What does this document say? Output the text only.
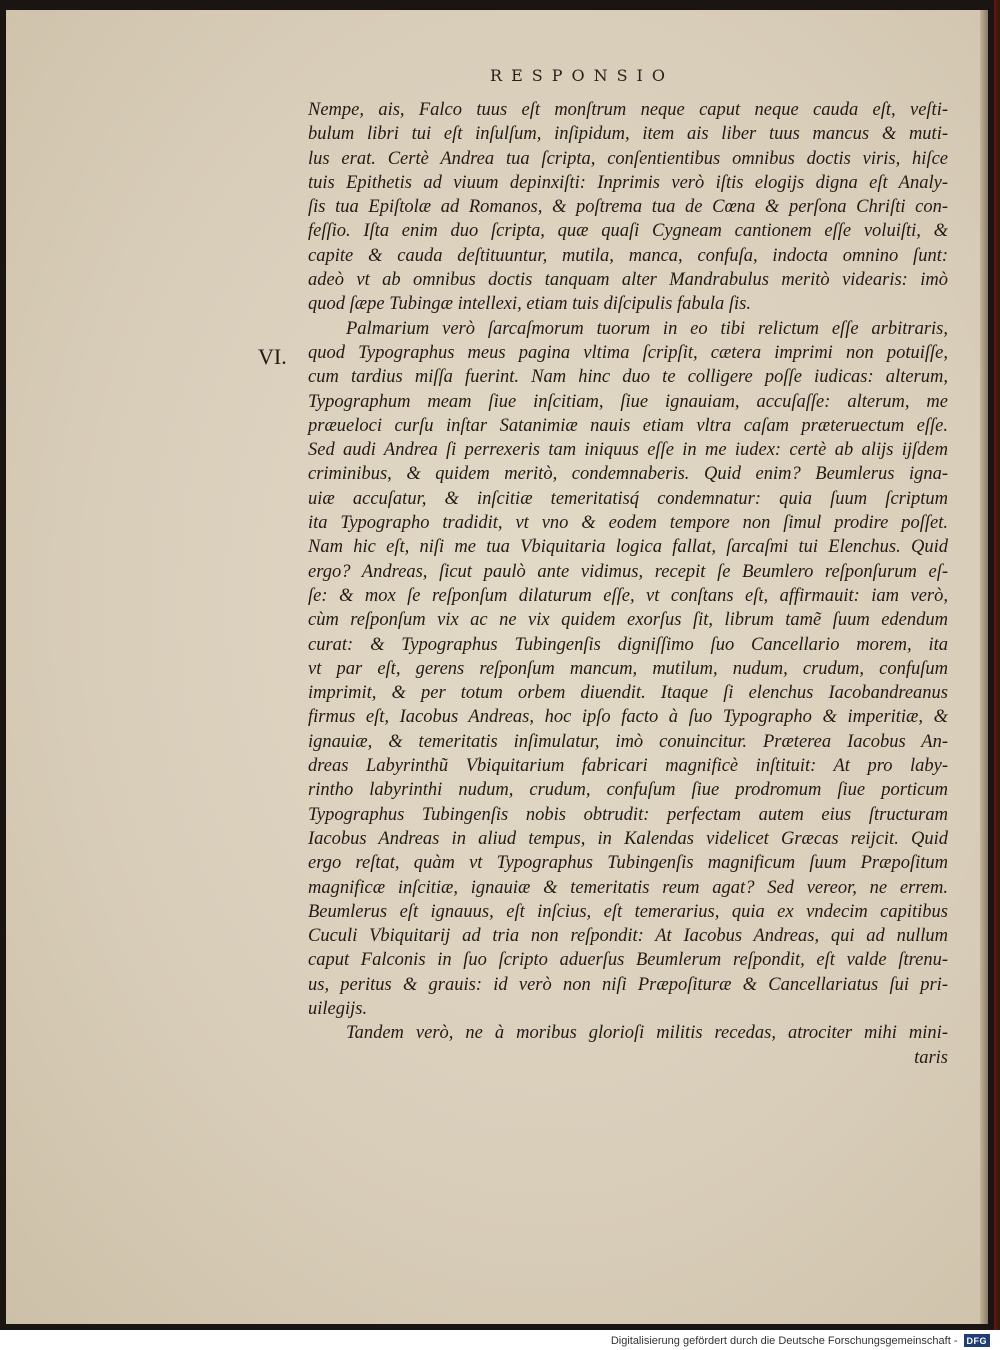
RESPONSIO
VI.
Nempe, ais, Falco tuus eſt monſtrum neque caput neque cauda eſt, veſti-
bulum libri tui eſt inſulſum, inſipidum, item ais liber tuus mancus & muti-
lus erat. Certè Andrea tua ſcripta, conſentientibus omnibus doctis viris, hiſce
tuis Epithetis ad viuum depinxiſti: Inprimis verò iſtis elogijs digna eſt Analy-
ſis tua Epiſtolæ ad Romanos, & poſtrema tua de Cœna & perſona Chriſti con-
feſſio. Iſta enim duo ſcripta, quæ quaſi Cygneam cantionem eſſe voluiſti, &
capite & cauda deſtituuntur, mutila, manca, confuſa, indocta omnino ſunt:
adeò vt ab omnibus doctis tanquam alter Mandrabulus meritò videaris: imò
quod ſæpe Tubingæ intellexi, etiam tuis diſcipulis fabula ſis.
Palmarium verò ſarcaſmorum tuorum in eo tibi relictum eſſe arbitraris,
quod Typographus meus pagina vltima ſcripſit, cætera imprimi non potuiſſe,
cum tardius miſſa fuerint. Nam hinc duo te colligere poſſe iudicas: alterum,
Typographum meam ſiue inſcitiam, ſiue ignauiam, accuſaſſe: alterum, me
præueloci curſu inſtar Satanimiæ nauis etiam vltra caſam præteruectum eſſe.
Sed audi Andrea ſi perrexeris tam iniquus eſſe in me iudex: certè ab alijs ijſdem
criminibus, & quidem meritò, condemnaberis. Quid enim? Beumlerus igna-
uiæ accuſatur, & inſcitiæ temeritatisq́ condemnatur: quia ſuum ſcriptum
ita Typographo tradidit, vt vno & eodem tempore non ſimul prodire poſſet.
Nam hic eſt, niſi me tua Vbiquitaria logica fallat, ſarcaſmi tui Elenchus. Quid
ergo? Andreas, ſicut paulò ante vidimus, recepit ſe Beumlero reſponſurum eſ-
ſe: & mox ſe reſponſum dilaturum eſſe, vt conſtans eſt, affirmauit: iam verò,
cùm reſponſum vix ac ne vix quidem exorſus ſit, librum tamẽ ſuum edendum
curat: & Typographus Tubingenſis digniſſimo ſuo Cancellario morem, ita
vt par eſt, gerens reſponſum mancum, mutilum, nudum, crudum, confuſum
imprimit, & per totum orbem diuendit. Itaque ſi elenchus Iacobandreanus
firmus eſt, Iacobus Andreas, hoc ipſo facto à ſuo Typographo & imperitiæ, &
ignauiæ, & temeritatis inſimulatur, imò conuincitur. Præterea Iacobus An-
dreas Labyrinthũ Vbiquitarium fabricari magnificè inſtituit: At pro laby-
rintho labyrinthi nudum, crudum, confuſum ſiue prodromum ſiue porticum
Typographus Tubingenſis nobis obtrudit: perfectam autem eius ſtructuram
Iacobus Andreas in aliud tempus, in Kalendas videlicet Græcas reijcit. Quid
ergo reſtat, quàm vt Typographus Tubingenſis magnificum ſuum Præpoſitum
magnificæ inſcitiæ, ignauiæ & temeritatis reum agat? Sed vereor, ne errem.
Beumlerus eſt ignauus, eſt inſcius, eſt temerarius, quia ex vndecim capitibus
Cuculi Vbiquitarij ad tria non reſpondit: At Iacobus Andreas, qui ad nullum
caput Falconis in ſuo ſcripto aduerſus Beumlerum reſpondit, eſt valde ſtrenu-
us, peritus & grauis: id verò non niſi Præpoſituræ & Cancellariatus ſui pri-
uilegijs.
Tandem verò, ne à moribus glorioſi militis recedas, atrociter mihi mini-
taris
Digitalisierung gefördert durch die Deutsche Forschungsgemeinschaft -	DFG
